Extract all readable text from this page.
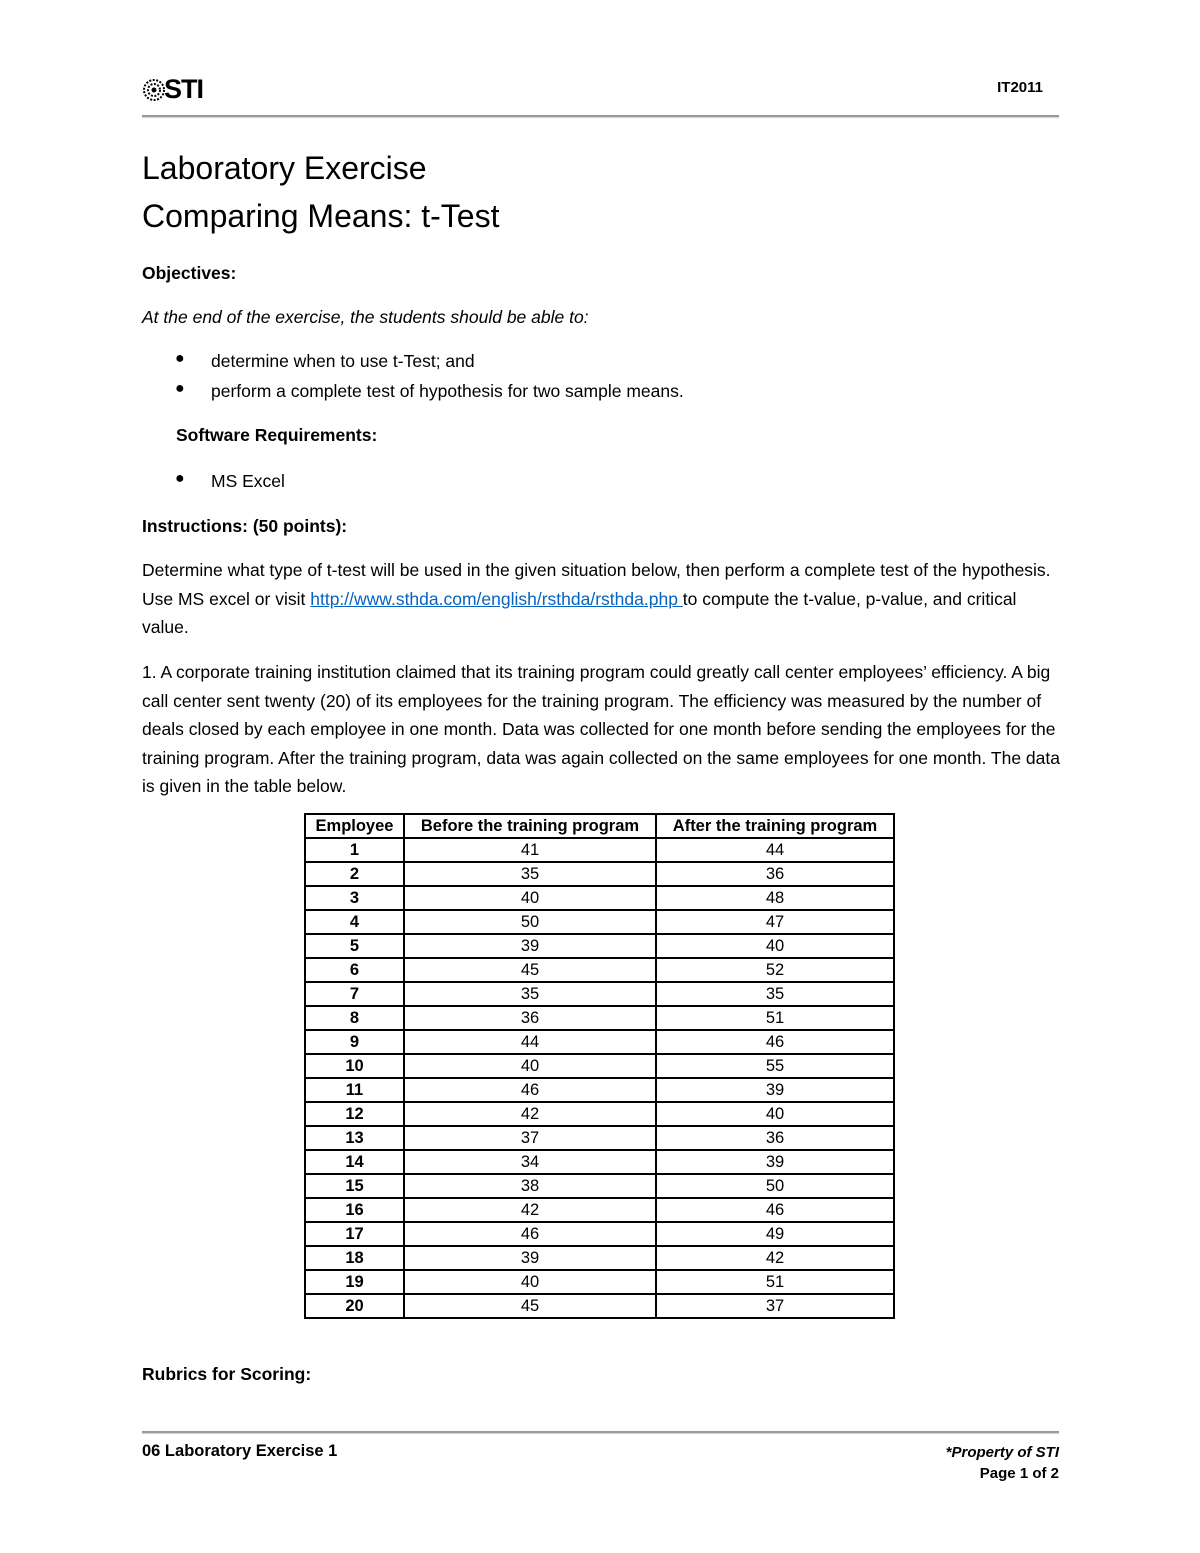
STI	IT2011
Laboratory Exercise
Comparing Means: t-Test
Objectives:
At the end of the exercise, the students should be able to:
● determine when to use t-Test; and
● perform a complete test of hypothesis for two sample means.
Software Requirements:
● MS Excel
Instructions: (50 points):
Determine what type of t-test will be used in the given situation below, then perform a complete test of the hypothesis. Use MS excel or visit http://www.sthda.com/english/rsthda/rsthda.php to compute the t-value, p-value, and critical value.
1. A corporate training institution claimed that its training program could greatly call center employees’ efficiency. A big call center sent twenty (20) of its employees for the training program. The efficiency was measured by the number of deals closed by each employee in one month. Data was collected for one month before sending the employees for the training program. After the training program, data was again collected on the same employees for one month. The data is given in the table below.
Employee	Before the training program	After the training program
1	41	44
2	35	36
3	40	48
4	50	47
5	39	40
6	45	52
7	35	35
8	36	51
9	44	46
10	40	55
11	46	39
12	42	40
13	37	36
14	34	39
15	38	50
16	42	46
17	46	49
18	39	42
19	40	51
20	45	37
Rubrics for Scoring:
06 Laboratory Exercise 1	*Property of STI
Page 1 of 2
